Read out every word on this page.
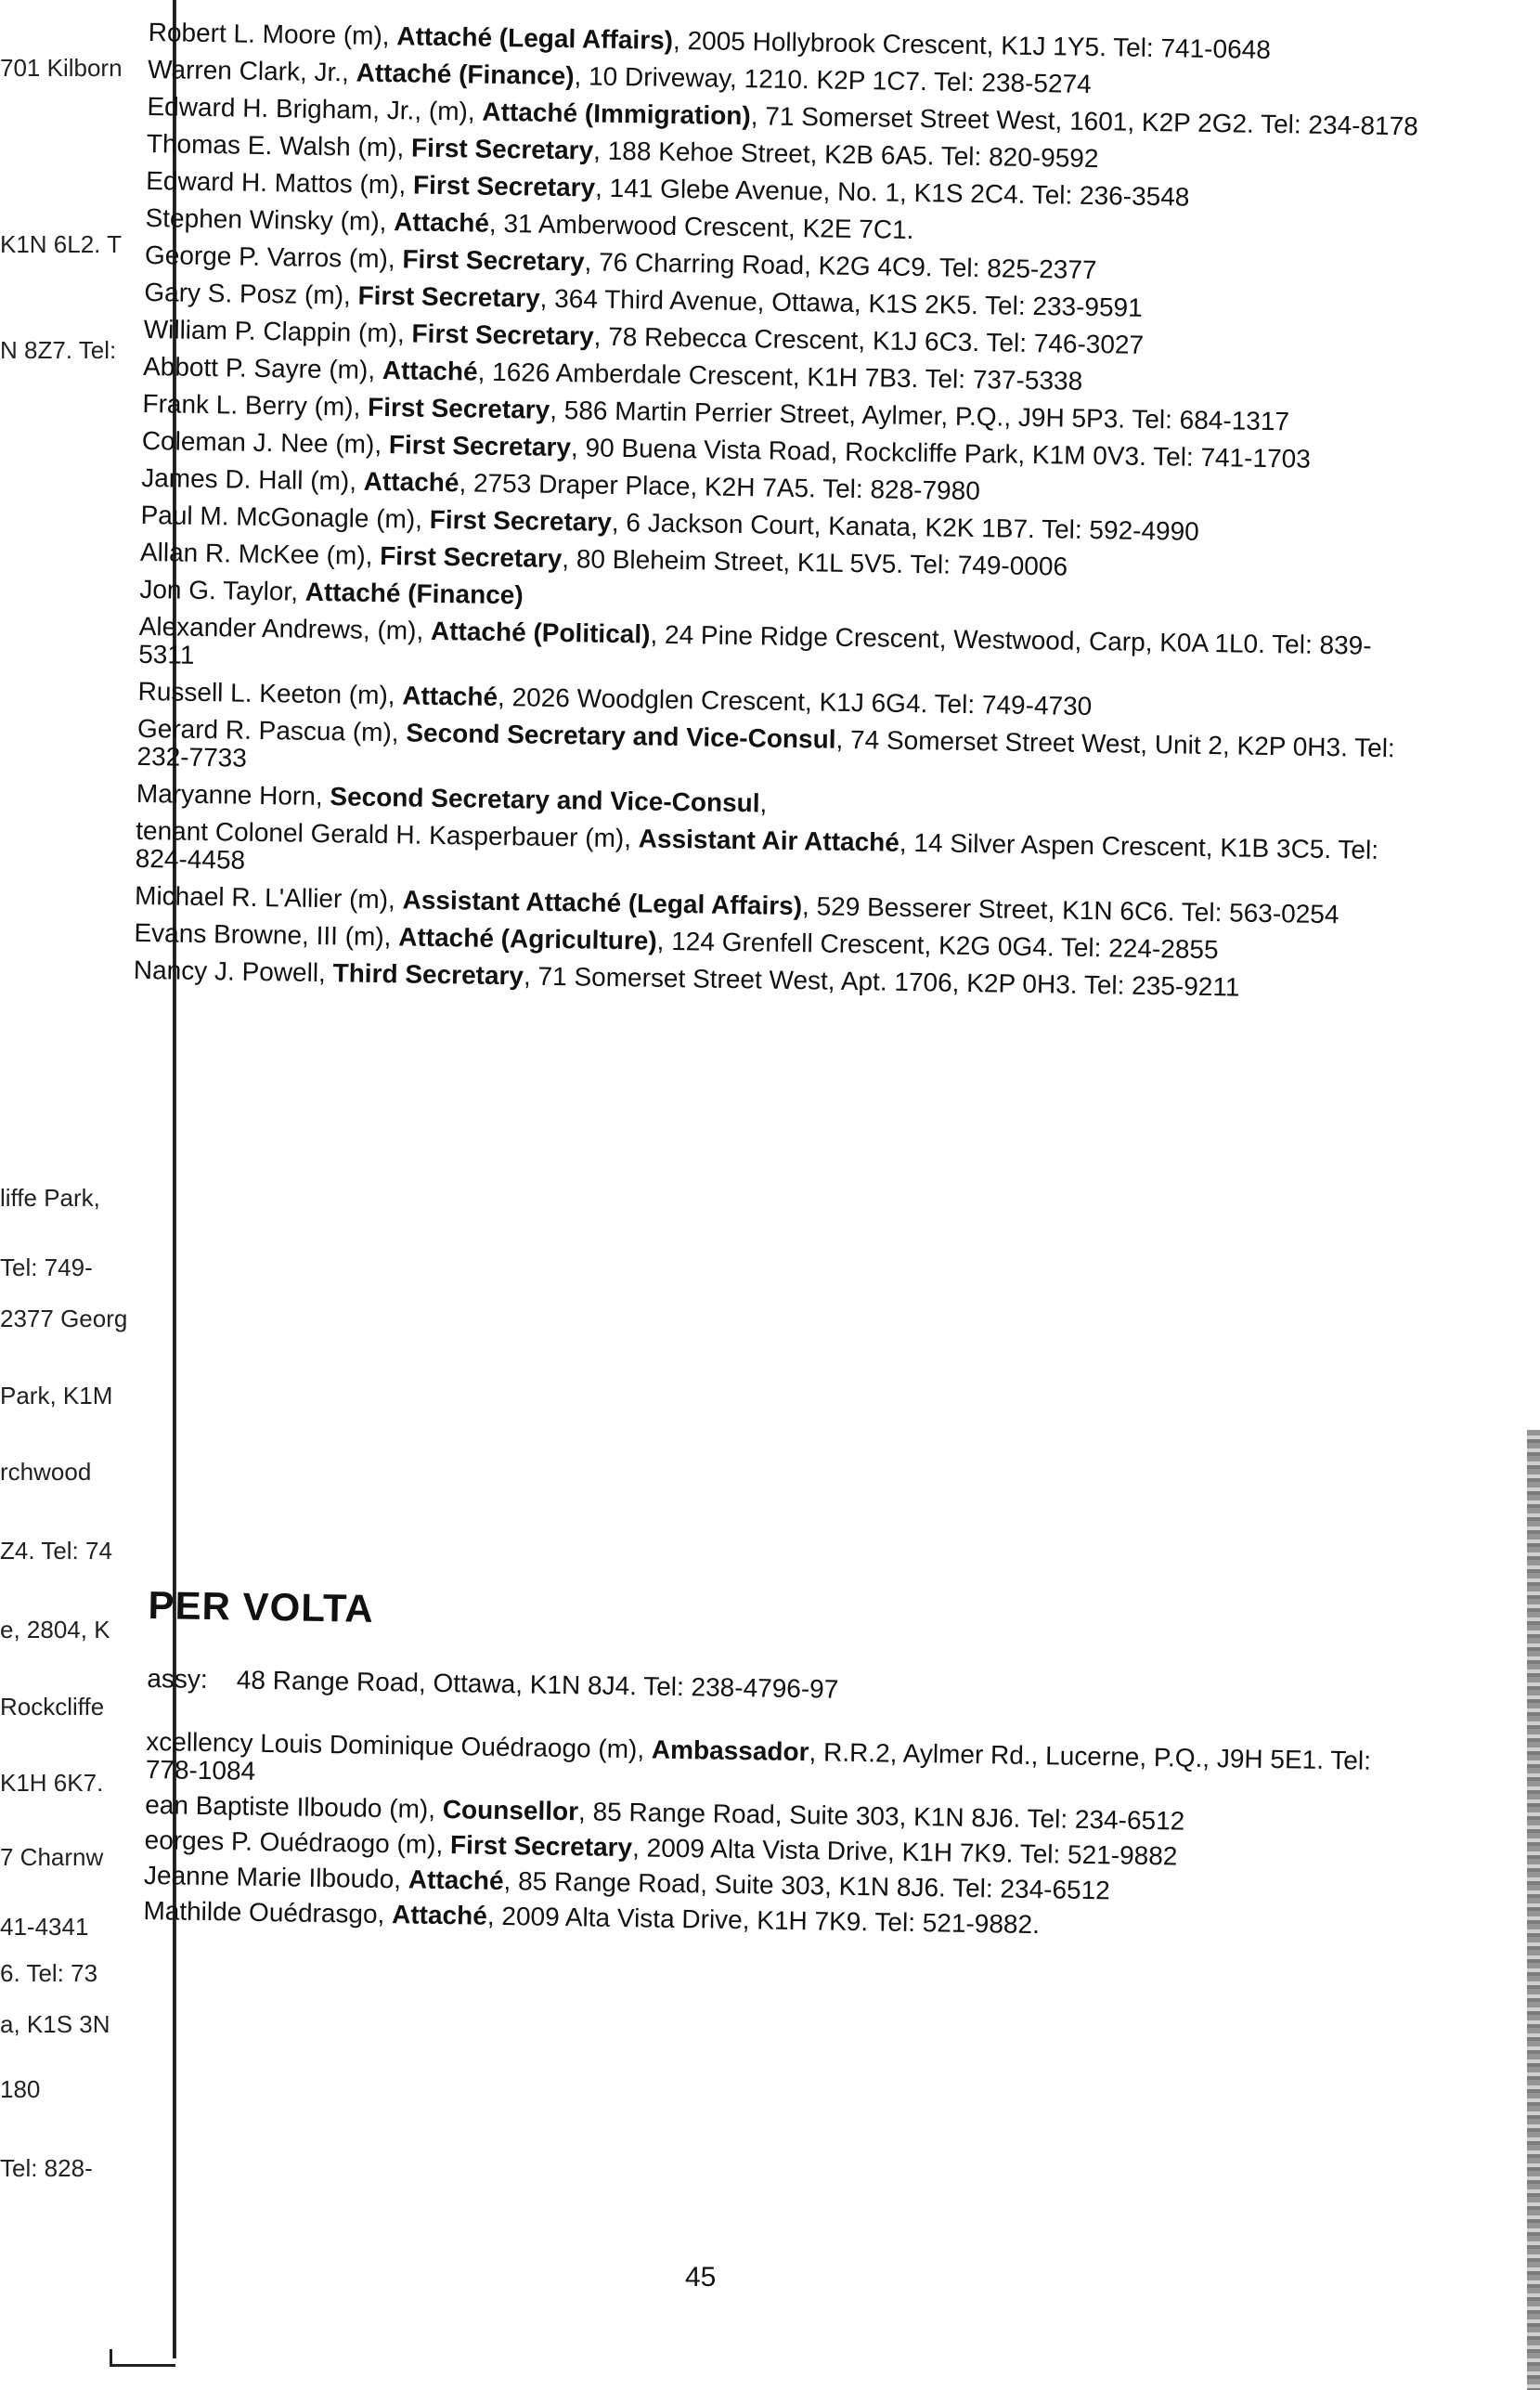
701 Kilborn
K1N 6L2. T
N 8Z7. Tel:
liffe Park,
Tel: 749-
2377 Georg
Park, K1M
rchwood
Z4. Tel: 74
e, 2804, K
Rockcliffe
K1H 6K7.
7 Charnw
41-4341
6. Tel: 73
a, K1S 3N
180
Tel: 828-
Robert L. Moore (m), Attaché (Legal Affairs), 2005 Hollybrook Crescent, K1J 1Y5. Tel: 741-0648
Warren Clark, Jr., Attaché (Finance), 10 Driveway, 1210. K2P 1C7. Tel: 238-5274
Edward H. Brigham, Jr., (m), Attaché (Immigration), 71 Somerset Street West, 1601, K2P 2G2. Tel: 234-8178
Thomas E. Walsh (m), First Secretary, 188 Kehoe Street, K2B 6A5. Tel: 820-9592
Edward H. Mattos (m), First Secretary, 141 Glebe Avenue, No. 1, K1S 2C4. Tel: 236-3548
Stephen Winsky (m), Attaché, 31 Amberwood Crescent, K2E 7C1.
George P. Varros (m), First Secretary, 76 Charring Road, K2G 4C9. Tel: 825-2377
Gary S. Posz (m), First Secretary, 364 Third Avenue, Ottawa, K1S 2K5. Tel: 233-9591
William P. Clappin (m), First Secretary, 78 Rebecca Crescent, K1J 6C3. Tel: 746-3027
Abbott P. Sayre (m), Attaché, 1626 Amberdale Crescent, K1H 7B3. Tel: 737-5338
Frank L. Berry (m), First Secretary, 586 Martin Perrier Street, Aylmer, P.Q., J9H 5P3. Tel: 684-1317
Coleman J. Nee (m), First Secretary, 90 Buena Vista Road, Rockcliffe Park, K1M 0V3. Tel: 741-1703
James D. Hall (m), Attaché, 2753 Draper Place, K2H 7A5. Tel: 828-7980
Paul M. McGonagle (m), First Secretary, 6 Jackson Court, Kanata, K2K 1B7. Tel: 592-4990
Allan R. McKee (m), First Secretary, 80 Bleheim Street, K1L 5V5. Tel: 749-0006
Jon G. Taylor, Attaché (Finance)
Alexander Andrews, (m), Attaché (Political), 24 Pine Ridge Crescent, Westwood, Carp, K0A 1L0. Tel: 839-5311
Russell L. Keeton (m), Attaché, 2026 Woodglen Crescent, K1J 6G4. Tel: 749-4730
Gerard R. Pascua (m), Second Secretary and Vice-Consul, 74 Somerset Street West, Unit 2, K2P 0H3. Tel: 232-7733
Maryanne Horn, Second Secretary and Vice-Consul,
tenant Colonel Gerald H. Kasperbauer (m), Assistant Air Attaché, 14 Silver Aspen Crescent, K1B 3C5. Tel: 824-4458
Michael R. L'Allier (m), Assistant Attaché (Legal Affairs), 529 Besserer Street, K1N 6C6. Tel: 563-0254
Evans Browne, III (m), Attaché (Agriculture), 124 Grenfell Crescent, K2G 0G4. Tel: 224-2855
Nancy J. Powell, Third Secretary, 71 Somerset Street West, Apt. 1706, K2P 0H3. Tel: 235-9211
PER VOLTA
assy: 48 Range Road, Ottawa, K1N 8J4. Tel: 238-4796-97
xcellency Louis Dominique Ouédraogo (m), Ambassador, R.R.2, Aylmer Rd., Lucerne, P.Q., J9H 5E1. Tel: 778-1084
ean Baptiste Ilboudo (m), Counsellor, 85 Range Road, Suite 303, K1N 8J6. Tel: 234-6512
eorges P. Ouédraogo (m), First Secretary, 2009 Alta Vista Drive, K1H 7K9. Tel: 521-9882
Jeanne Marie Ilboudo, Attaché, 85 Range Road, Suite 303, K1N 8J6. Tel: 234-6512
Mathilde Ouédrasgo, Attaché, 2009 Alta Vista Drive, K1H 7K9. Tel: 521-9882.
45
